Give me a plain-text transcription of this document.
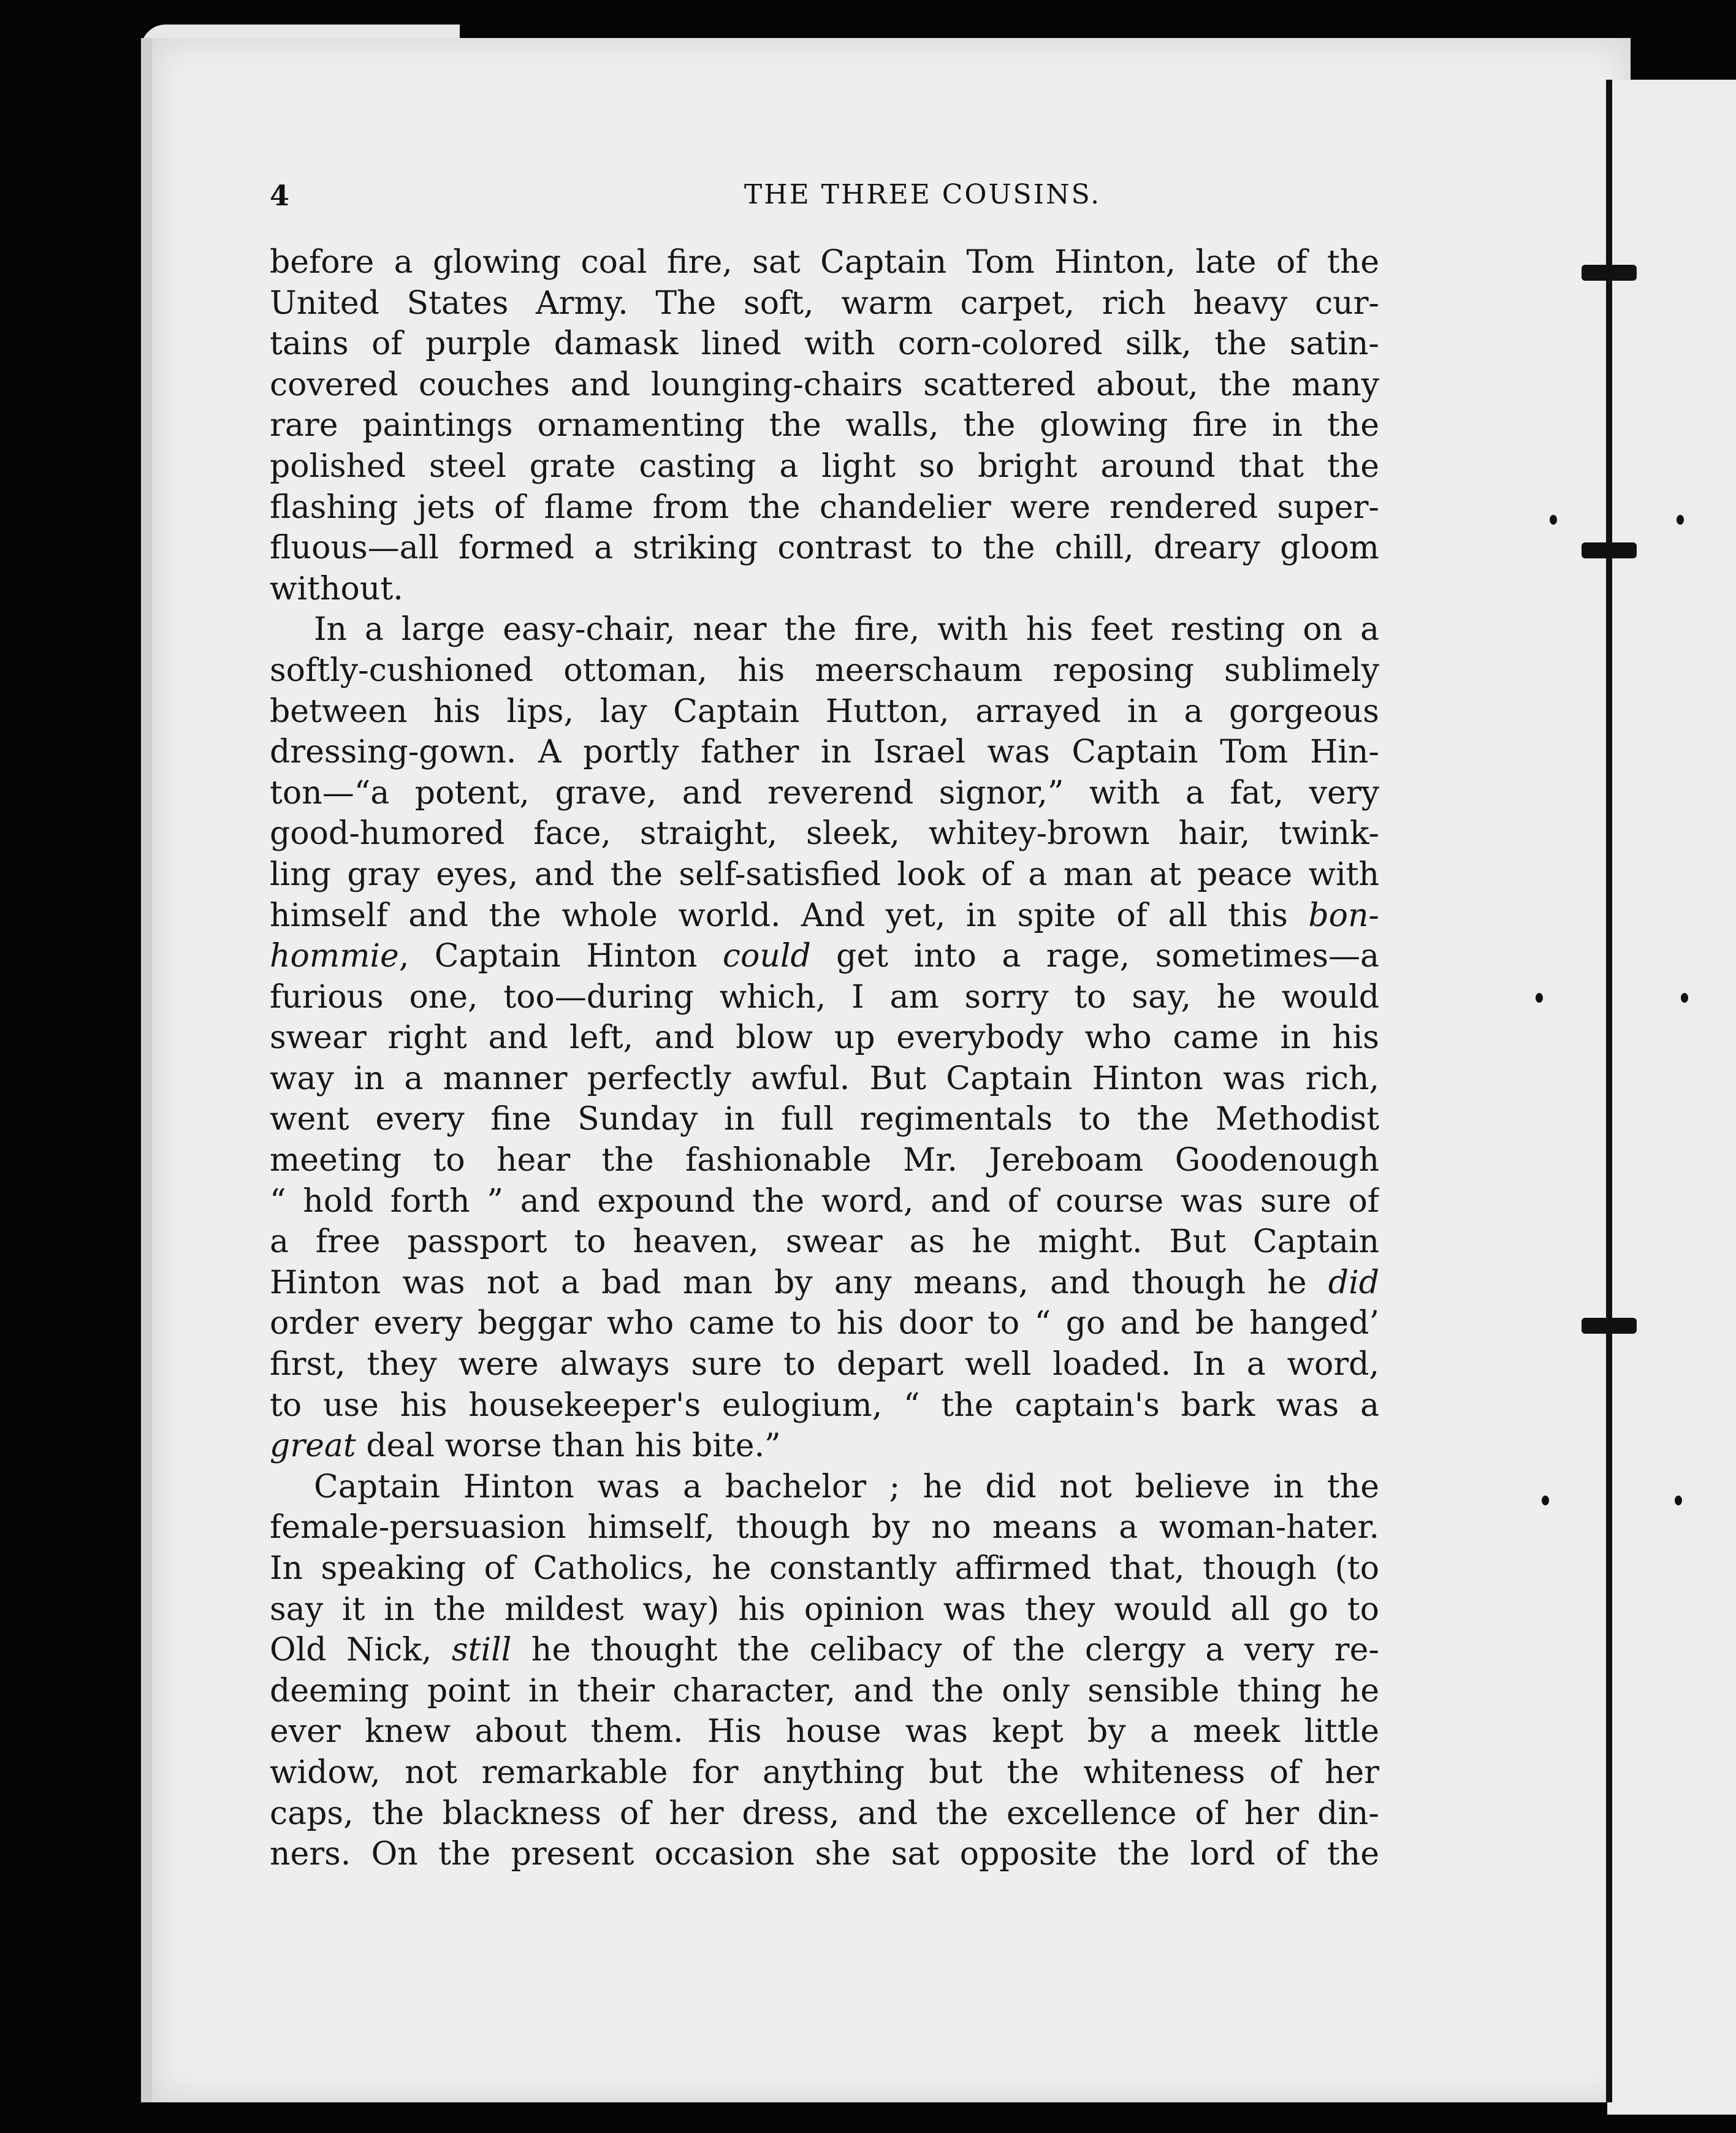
4	THE THREE COUSINS.
before a glowing coal fire, sat Captain Tom Hinton, late of the
United States Army. The soft, warm carpet, rich heavy cur-
tains of purple damask lined with corn-colored silk, the satin-
covered couches and lounging-chairs scattered about, the many
rare paintings ornamenting the walls, the glowing fire in the
polished steel grate casting a light so bright around that the
flashing jets of flame from the chandelier were rendered super-
fluous—all formed a striking contrast to the chill, dreary gloom
without.
In a large easy-chair, near the fire, with his feet resting on a
softly-cushioned ottoman, his meerschaum reposing sublimely
between his lips, lay Captain Hutton, arrayed in a gorgeous
dressing-gown. A portly father in Israel was Captain Tom Hin-
ton—“a potent, grave, and reverend signor,” with a fat, very
good-humored face, straight, sleek, whitey-brown hair, twink-
ling gray eyes, and the self-satisfied look of a man at peace with
himself and the whole world. And yet, in spite of all this bon-
hommie, Captain Hinton could get into a rage, sometimes—a
furious one, too—during which, I am sorry to say, he would
swear right and left, and blow up everybody who came in his
way in a manner perfectly awful. But Captain Hinton was rich,
went every fine Sunday in full regimentals to the Methodist
meeting to hear the fashionable Mr. Jereboam Goodenough
“ hold forth ” and expound the word, and of course was sure of
a free passport to heaven, swear as he might. But Captain
Hinton was not a bad man by any means, and though he did
order every beggar who came to his door to “ go and be hanged’
first, they were always sure to depart well loaded. In a word,
to use his housekeeper's eulogium, “ the captain's bark was a
great deal worse than his bite.”
Captain Hinton was a bachelor ; he did not believe in the
female-persuasion himself, though by no means a woman-hater.
In speaking of Catholics, he constantly affirmed that, though (to
say it in the mildest way) his opinion was they would all go to
Old Nick, still he thought the celibacy of the clergy a very re-
deeming point in their character, and the only sensible thing he
ever knew about them. His house was kept by a meek little
widow, not remarkable for anything but the whiteness of her
caps, the blackness of her dress, and the excellence of her din-
ners. On the present occasion she sat opposite the lord of the
